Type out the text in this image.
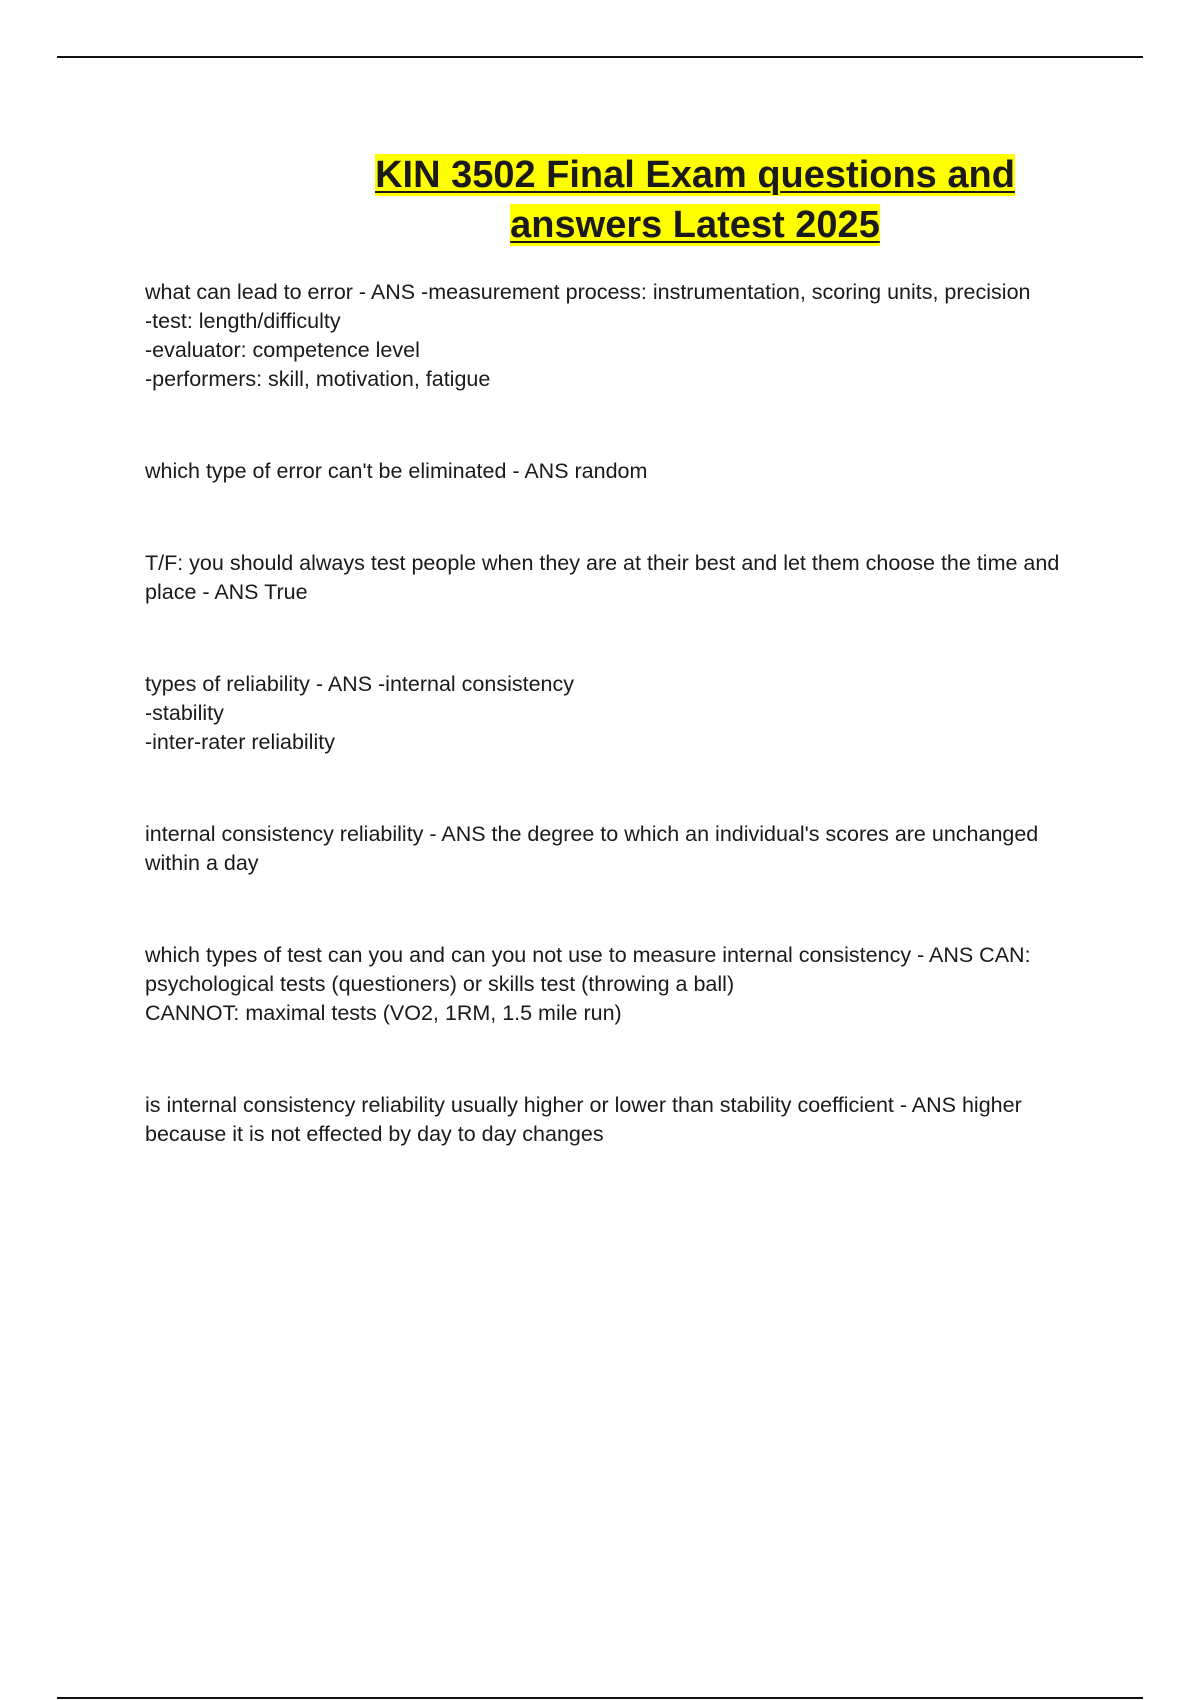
KIN 3502 Final Exam questions and
answers Latest 2025

what can lead to error - ANS -measurement process: instrumentation, scoring units, precision

-test: length/difficulty

-evaluator: competence level

-performers: skill, motivation, fatigue

which type of error can't be eliminated - ANS random

T/F: you should always test people when they are at their best and let them choose the time and place - ANS True

types of reliability - ANS -internal consistency

-stability

-inter-rater reliability

internal consistency reliability - ANS the degree to which an individual's scores are unchanged within a day

which types of test can you and can you not use to measure internal consistency - ANS CAN: psychological tests (questioners) or skills test (throwing a ball)

CANNOT: maximal tests (VO2, 1RM, 1.5 mile run)

is internal consistency reliability usually higher or lower than stability coefficient - ANS higher because it is not effected by day to day changes
